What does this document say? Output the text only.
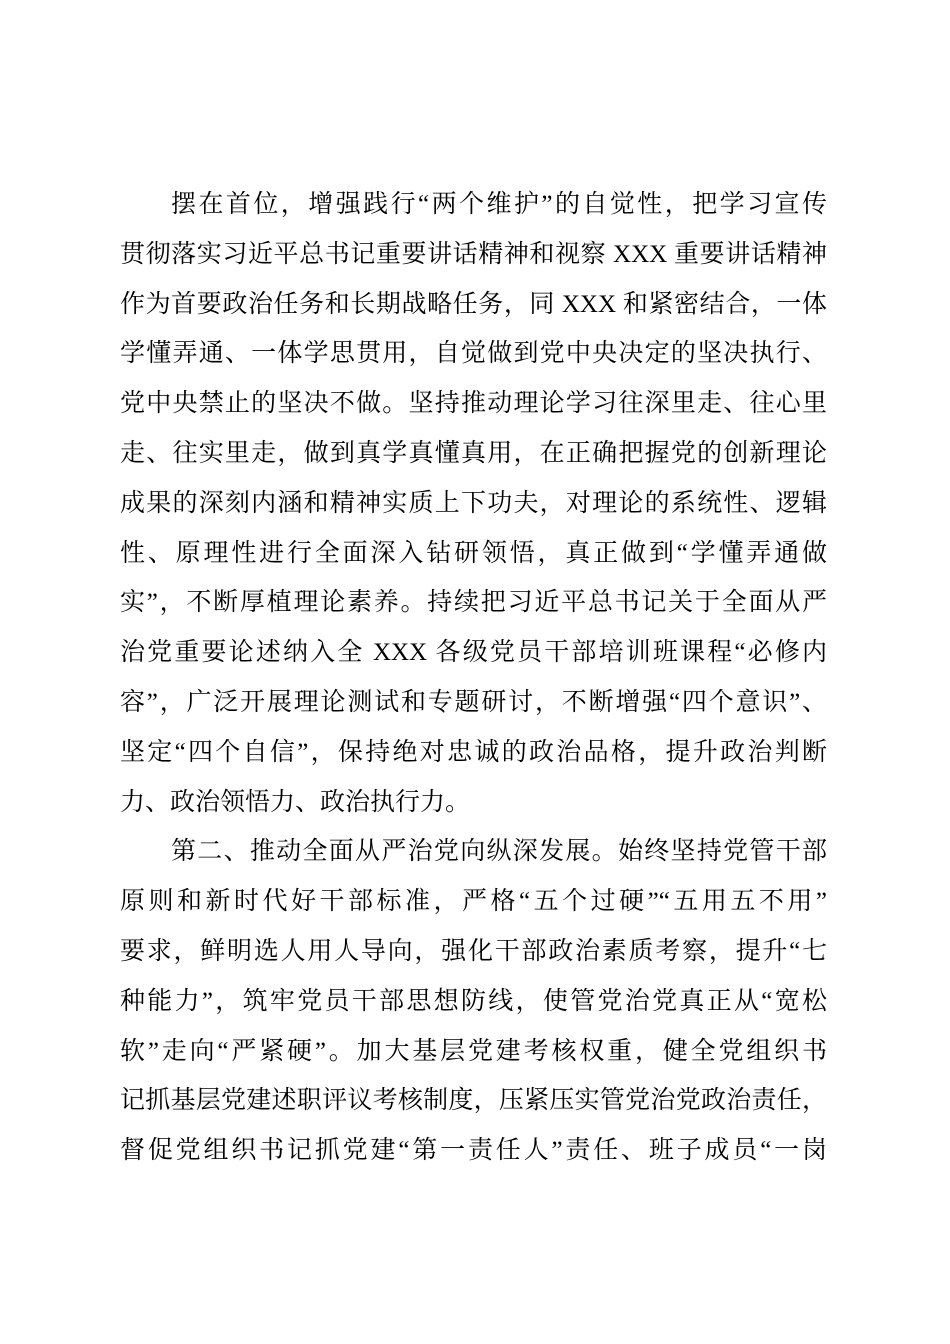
摆在首位，增强践行“两个维护”的自觉性，把学习宣传
贯彻落实习近平总书记重要讲话精神和视察 XXX 重要讲话精神
作为首要政治任务和长期战略任务，同 XXX 和紧密结合，一体
学懂弄通、一体学思贯用，自觉做到党中央决定的坚决执行、
党中央禁止的坚决不做。坚持推动理论学习往深里走、往心里
走、往实里走，做到真学真懂真用，在正确把握党的创新理论
成果的深刻内涵和精神实质上下功夫，对理论的系统性、逻辑
性、原理性进行全面深入钻研领悟，真正做到“学懂弄通做
实”，不断厚植理论素养。持续把习近平总书记关于全面从严
治党重要论述纳入全 XXX 各级党员干部培训班课程“必修内
容”，广泛开展理论测试和专题研讨，不断增强“四个意识”、
坚定“四个自信”，保持绝对忠诚的政治品格，提升政治判断
力、政治领悟力、政治执行力。
第二、推动全面从严治党向纵深发展。始终坚持党管干部
原则和新时代好干部标准，严格“五个过硬”“五用五不用”
要求，鲜明选人用人导向，强化干部政治素质考察，提升“七
种能力”，筑牢党员干部思想防线，使管党治党真正从“宽松
软”走向“严紧硬”。加大基层党建考核权重，健全党组织书
记抓基层党建述职评议考核制度，压紧压实管党治党政治责任，
督促党组织书记抓党建“第一责任人”责任、班子成员“一岗
